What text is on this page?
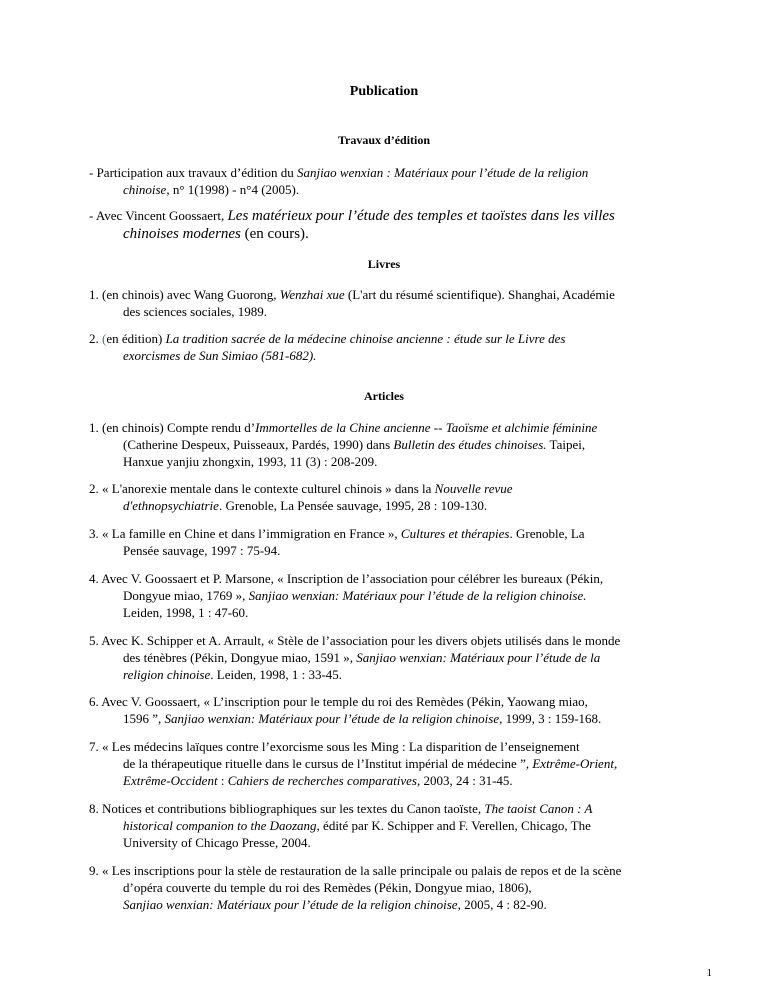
Publication
Travaux d’édition
- Participation aux travaux d’édition du Sanjiao wenxian : Matériaux pour l’étude de la religion
chinoise, n° 1(1998) - n°4 (2005).
- Avec Vincent Goossaert, Les matérieux pour l’étude des temples et taoïstes dans les villes
chinoises modernes (en cours).
Livres
1. (en chinois) avec Wang Guorong, Wenzhai xue (L'art du résumé scientifique). Shanghai, Académie
des sciences sociales, 1989.
2. (en édition) La tradition sacrée de la médecine chinoise ancienne : étude sur le Livre des
exorcismes de Sun Simiao (581-682).
Articles
1. (en chinois) Compte rendu d’Immortelles de la Chine ancienne -- Taoïsme et alchimie féminine
(Catherine Despeux, Puisseaux, Pardés, 1990) dans Bulletin des études chinoises. Taipei,
Hanxue yanjiu zhongxin, 1993, 11 (3) : 208-209.
2. « L'anorexie mentale dans le contexte culturel chinois » dans la Nouvelle revue
d'ethnopsychiatrie. Grenoble, La Pensée sauvage, 1995, 28 : 109-130.
3. « La famille en Chine et dans l’immigration en France », Cultures et thérapies. Grenoble, La
Pensée sauvage, 1997 : 75-94.
4. Avec V. Goossaert et P. Marsone, « Inscription de l’association pour célébrer les bureaux (Pékin,
Dongyue miao, 1769 », Sanjiao wenxian: Matériaux pour l’étude de la religion chinoise.
Leiden, 1998, 1 : 47-60.
5. Avec K. Schipper et A. Arrault, « Stèle de l’association pour les divers objets utilisés dans le monde
des ténèbres (Pékin, Dongyue miao, 1591 », Sanjiao wenxian: Matériaux pour l’étude de la
religion chinoise. Leiden, 1998, 1 : 33-45.
6. Avec V. Goossaert, « L’inscription pour le temple du roi des Remèdes (Pékin, Yaowang miao,
1596 ”, Sanjiao wenxian: Matériaux pour l’étude de la religion chinoise, 1999, 3 : 159-168.
7. « Les médecins laïques contre l’exorcisme sous les Ming : La disparition de l’enseignement
de la thérapeutique rituelle dans le cursus de l’Institut impérial de médecine ”, Extrême-Orient,
Extrême-Occident : Cahiers de recherches comparatives, 2003, 24 : 31-45.
8. Notices et contributions bibliographiques sur les textes du Canon taoïste, The taoist Canon : A
historical companion to the Daozang, édité par K. Schipper and F. Verellen, Chicago, The
University of Chicago Presse, 2004.
9. « Les inscriptions pour la stèle de restauration de la salle principale ou palais de repos et de la scène
d’opéra couverte du temple du roi des Remèdes (Pékin, Dongyue miao, 1806),
Sanjiao wenxian: Matériaux pour l’étude de la religion chinoise, 2005, 4 : 82-90.
1
